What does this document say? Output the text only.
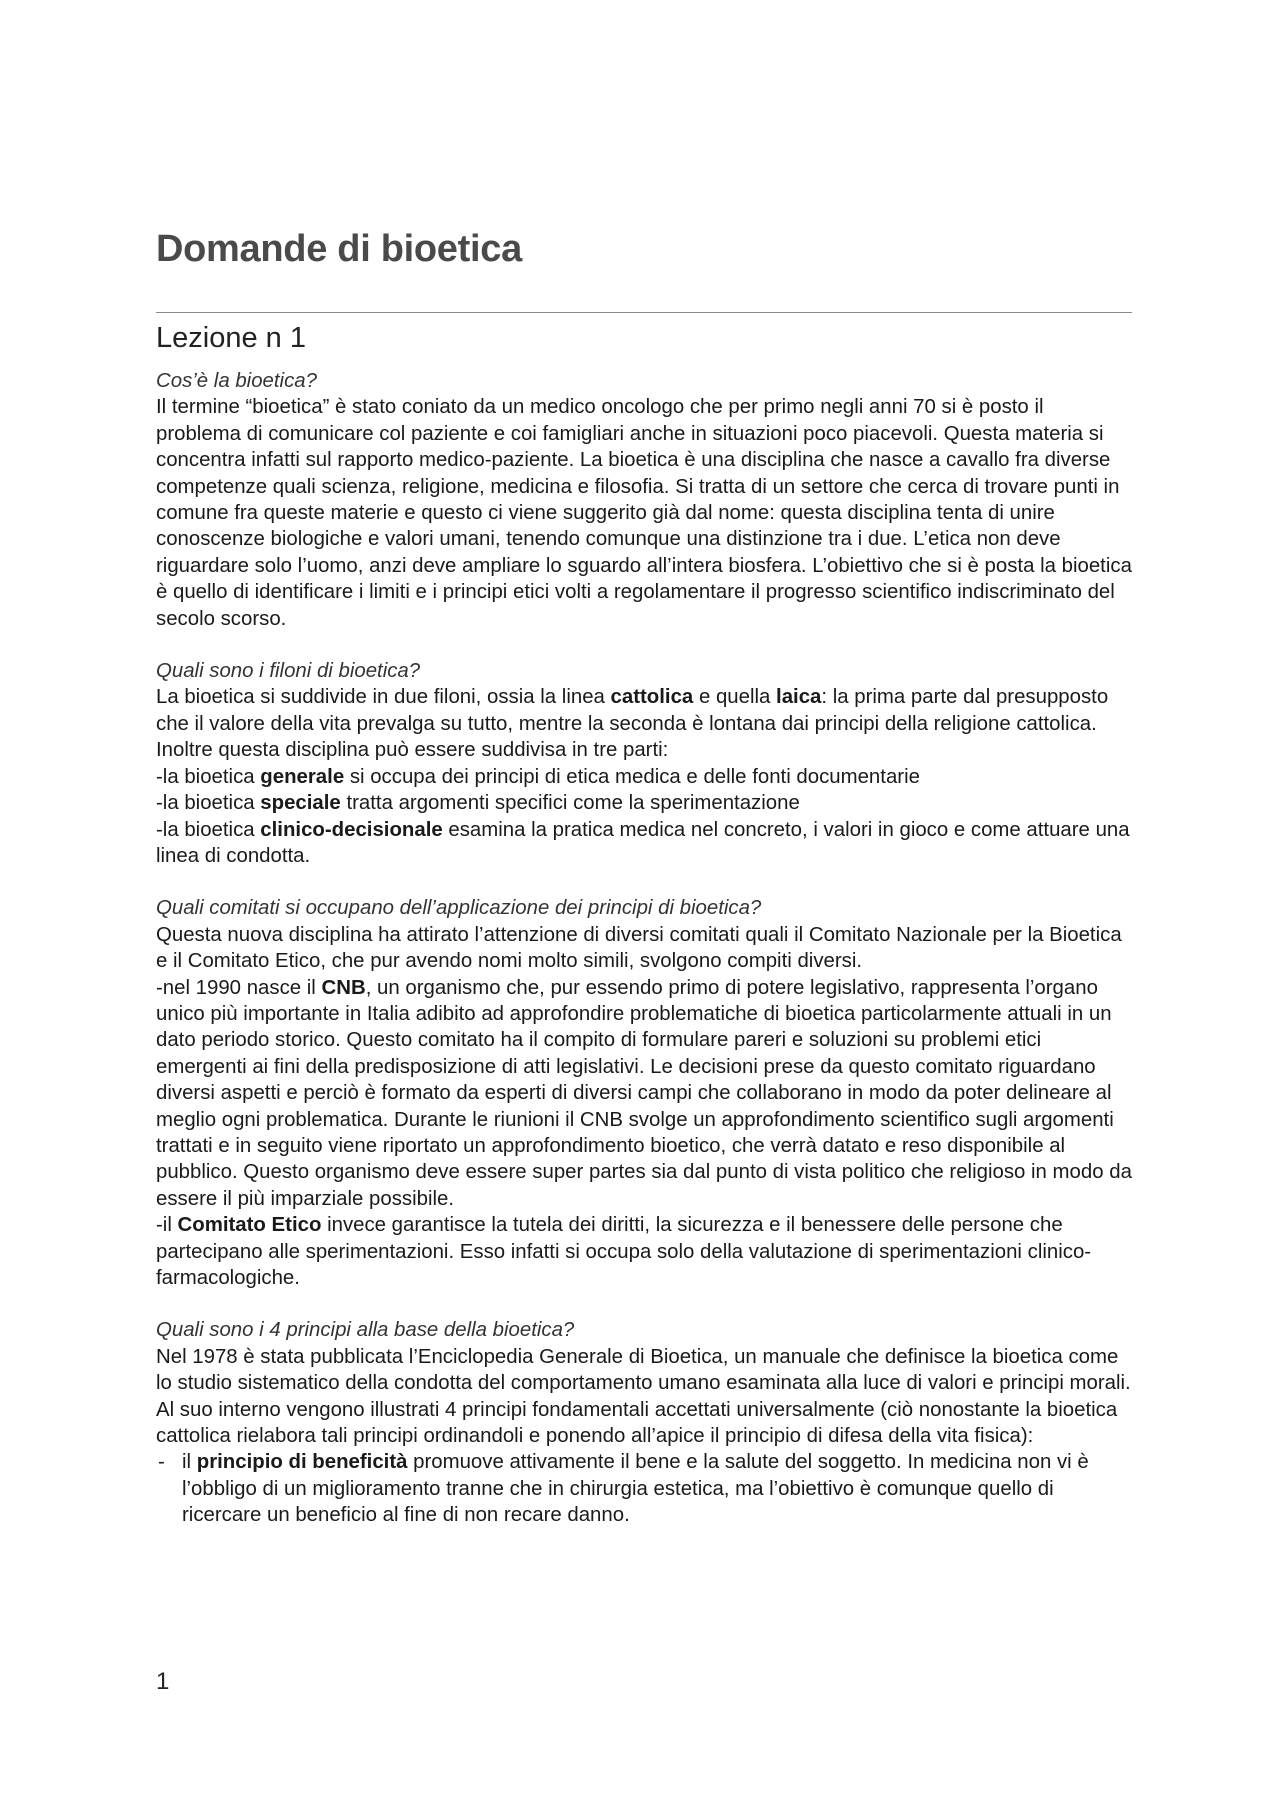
Domande di bioetica
Lezione n 1

Cos’è la bioetica?

Il termine “bioetica” è stato coniato da un medico oncologo che per primo negli anni 70 si è posto il problema di comunicare col paziente e coi famigliari anche in situazioni poco piacevoli. Questa materia si concentra infatti sul rapporto medico-paziente. La bioetica è una disciplina che nasce a cavallo fra diverse competenze quali scienza, religione, medicina e filosofia. Si tratta di un settore che cerca di trovare punti in comune fra queste materie e questo ci viene suggerito già dal nome: questa disciplina tenta di unire conoscenze biologiche e valori umani, tenendo comunque una distinzione tra i due. L’etica non deve riguardare solo l’uomo, anzi deve ampliare lo sguardo all’intera biosfera. L’obiettivo che si è posta la bioetica è quello di identificare i limiti e i principi etici volti a regolamentare il progresso scientifico indiscriminato del secolo scorso.

Quali sono i filoni di bioetica?

La bioetica si suddivide in due filoni, ossia la linea cattolica e quella laica: la prima parte dal presupposto che il valore della vita prevalga su tutto, mentre la seconda è lontana dai principi della religione cattolica.

Inoltre questa disciplina può essere suddivisa in tre parti:

-la bioetica generale si occupa dei principi di etica medica e delle fonti documentarie

-la bioetica speciale tratta argomenti specifici come la sperimentazione

-la bioetica clinico-decisionale esamina la pratica medica nel concreto, i valori in gioco e come attuare una linea di condotta.

Quali comitati si occupano dell’applicazione dei principi di bioetica?

Questa nuova disciplina ha attirato l’attenzione di diversi comitati quali il Comitato Nazionale per la Bioetica e il Comitato Etico, che pur avendo nomi molto simili, svolgono compiti diversi.

-nel 1990 nasce il CNB, un organismo che, pur essendo primo di potere legislativo, rappresenta l’organo unico più importante in Italia adibito ad approfondire problematiche di bioetica particolarmente attuali in un dato periodo storico. Questo comitato ha il compito di formulare pareri e soluzioni su problemi etici emergenti ai fini della predisposizione di atti legislativi. Le decisioni prese da questo comitato riguardano diversi aspetti e perciò è formato da esperti di diversi campi che collaborano in modo da poter delineare al meglio ogni problematica. Durante le riunioni il CNB svolge un approfondimento scientifico sugli argomenti trattati e in seguito viene riportato un approfondimento bioetico, che verrà datato e reso disponibile al pubblico. Questo organismo deve essere super partes sia dal punto di vista politico che religioso in modo da essere il più imparziale possibile.

-il Comitato Etico invece garantisce la tutela dei diritti, la sicurezza e il benessere delle persone che partecipano alle sperimentazioni. Esso infatti si occupa solo della valutazione di sperimentazioni clinico-farmacologiche.

Quali sono i 4 principi alla base della bioetica?

Nel 1978 è stata pubblicata l’Enciclopedia Generale di Bioetica, un manuale che definisce la bioetica come lo studio sistematico della condotta del comportamento umano esaminata alla luce di valori e principi morali. Al suo interno vengono illustrati 4 principi fondamentali accettati universalmente (ciò nonostante la bioetica cattolica rielabora tali principi ordinandoli e ponendo all’apice il principio di difesa della vita fisica):

- il principio di beneficità promuove attivamente il bene e la salute del soggetto. In medicina non vi è l’obbligo di un miglioramento tranne che in chirurgia estetica, ma l’obiettivo è comunque quello di ricercare un beneficio al fine di non recare danno.
1
